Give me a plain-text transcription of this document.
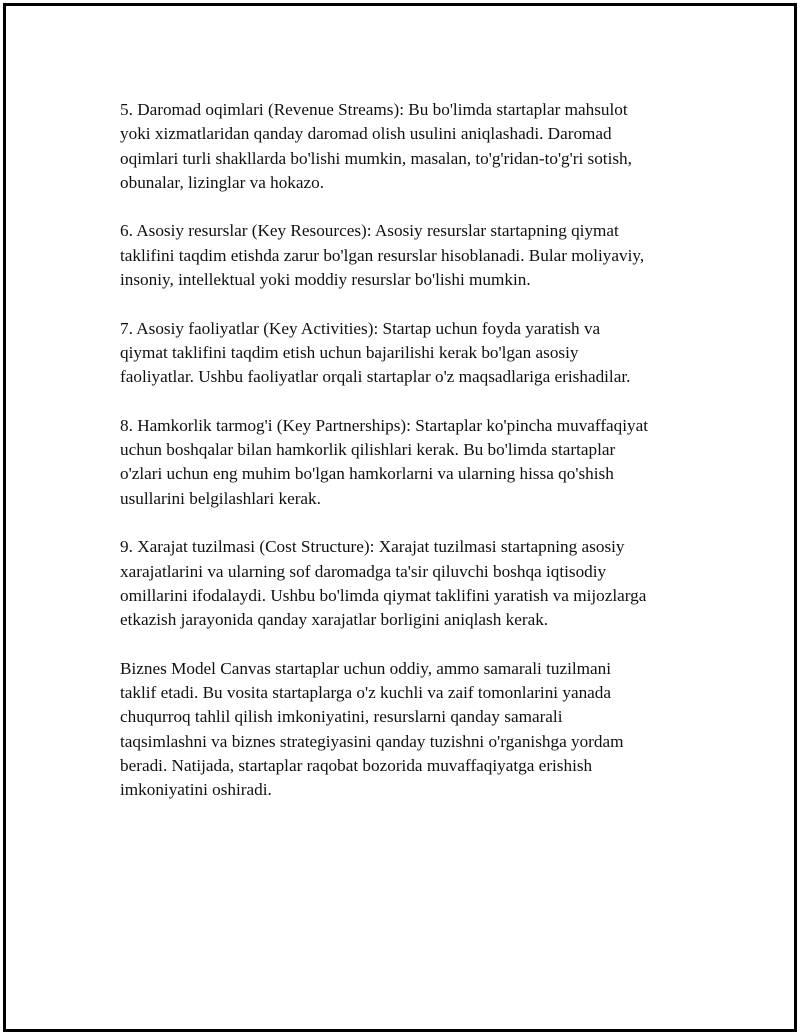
5. Daromad oqimlari (Revenue Streams): Bu bo'limda startaplar mahsulot
yoki xizmatlaridan qanday daromad olish usulini aniqlashadi. Daromad
oqimlari turli shakllarda bo'lishi mumkin, masalan, to'g'ridan-to'g'ri sotish,
obunalar, lizinglar va hokazo.

6. Asosiy resurslar (Key Resources): Asosiy resurslar startapning qiymat
taklifini taqdim etishda zarur bo'lgan resurslar hisoblanadi. Bular moliyaviy,
insoniy, intellektual yoki moddiy resurslar bo'lishi mumkin.

7. Asosiy faoliyatlar (Key Activities): Startap uchun foyda yaratish va
qiymat taklifini taqdim etish uchun bajarilishi kerak bo'lgan asosiy
faoliyatlar. Ushbu faoliyatlar orqali startaplar o'z maqsadlariga erishadilar.

8. Hamkorlik tarmog'i (Key Partnerships): Startaplar ko'pincha muvaffaqiyat
uchun boshqalar bilan hamkorlik qilishlari kerak. Bu bo'limda startaplar
o'zlari uchun eng muhim bo'lgan hamkorlarni va ularning hissa qo'shish
usullarini belgilashlari kerak.

9. Xarajat tuzilmasi (Cost Structure): Xarajat tuzilmasi startapning asosiy
xarajatlarini va ularning sof daromadga ta'sir qiluvchi boshqa iqtisodiy
omillarini ifodalaydi. Ushbu bo'limda qiymat taklifini yaratish va mijozlarga
etkazish jarayonida qanday xarajatlar borligini aniqlash kerak.

Biznes Model Canvas startaplar uchun oddiy, ammo samarali tuzilmani
taklif etadi. Bu vosita startaplarga o'z kuchli va zaif tomonlarini yanada
chuqurroq tahlil qilish imkoniyatini, resurslarni qanday samarali
taqsimlashni va biznes strategiyasini qanday tuzishni o'rganishga yordam
beradi. Natijada, startaplar raqobat bozorida muvaffaqiyatga erishish
imkoniyatini oshiradi.
